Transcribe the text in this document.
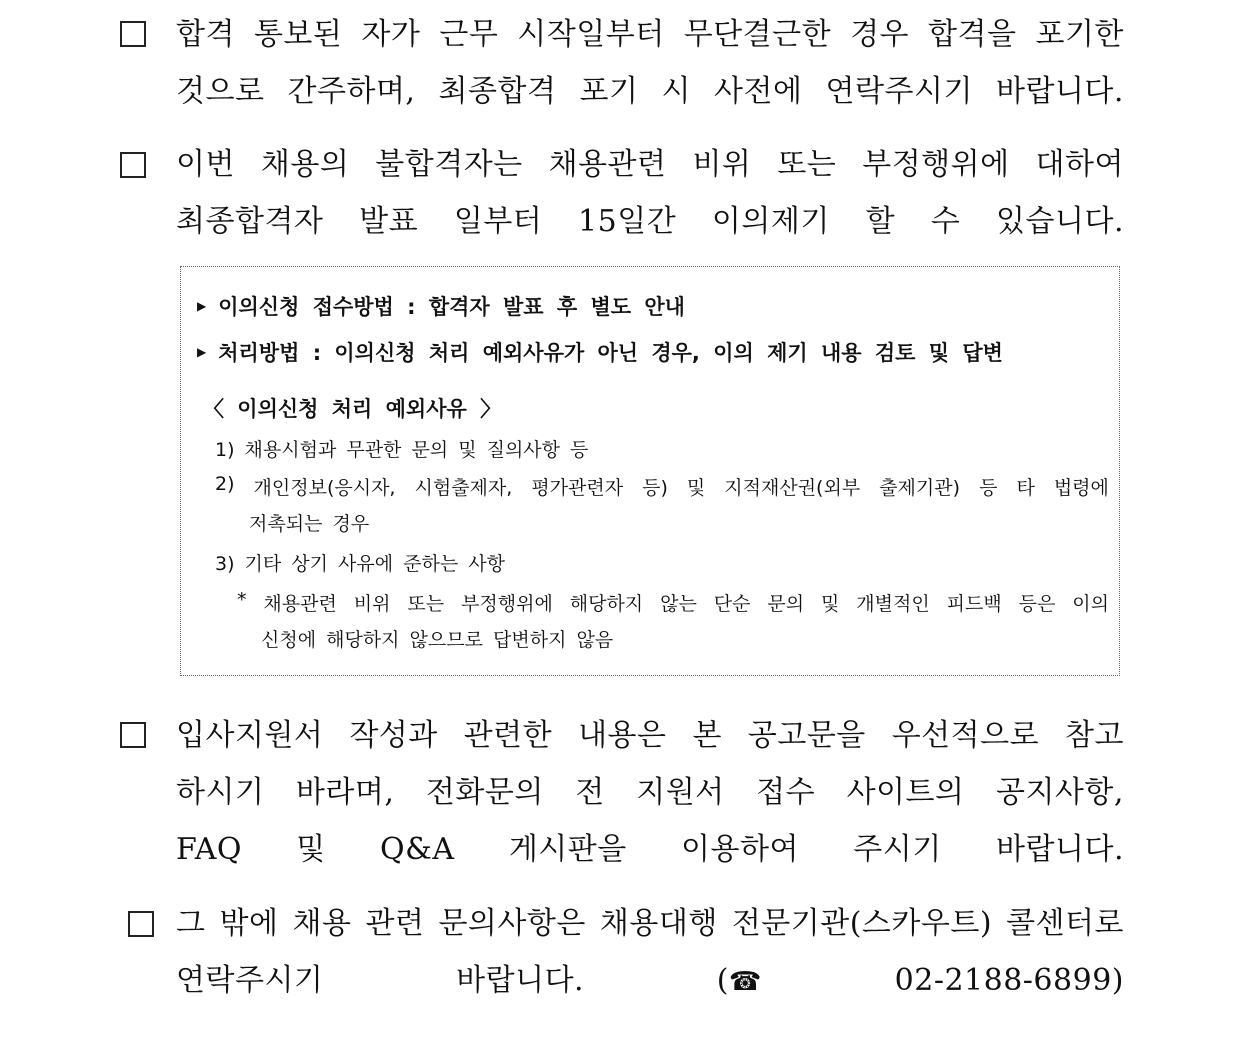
합격 통보된 자가 근무 시작일부터 무단결근한 경우 합격을 포기한
것으로 간주하며, 최종합격 포기 시 사전에 연락주시기 바랍니다.
이번 채용의 불합격자는 채용관련 비위 또는 부정행위에 대하여
최종합격자 발표 일부터 15일간 이의제기 할 수 있습니다.
▶ 이의신청 접수방법 : 합격자 발표 후 별도 안내
▶ 처리방법 : 이의신청 처리 예외사유가 아닌 경우, 이의 제기 내용 검토 및 답변
〈 이의신청 처리 예외사유 〉
1) 채용시험과 무관한 문의 및 질의사항 등
2) 개인정보(응시자, 시험출제자, 평가관련자 등) 및 지적재산권(외부 출제기관) 등 타 법령에
저촉되는 경우
3) 기타 상기 사유에 준하는 사항
* 채용관련 비위 또는 부정행위에 해당하지 않는 단순 문의 및 개별적인 피드백 등은 이의
신청에 해당하지 않으므로 답변하지 않음
입사지원서 작성과 관련한 내용은 본 공고문을 우선적으로 참고
하시기 바라며, 전화문의 전 지원서 접수 사이트의 공지사항,
FAQ 및 Q&A 게시판을 이용하여 주시기 바랍니다.
그 밖에 채용 관련 문의사항은 채용대행 전문기관(스카우트) 콜센터로
연락주시기 바랍니다. (☎	02-2188-6899)
